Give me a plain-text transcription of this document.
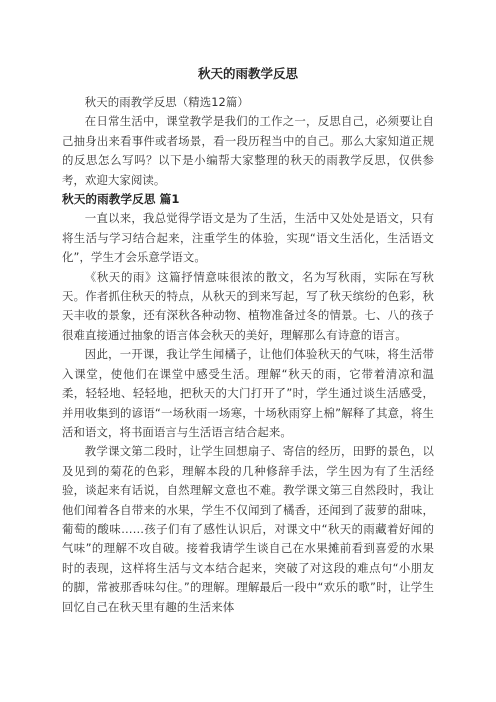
秋天的雨教学反思

秋天的雨教学反思（精选12篇）

在日常生活中，课堂教学是我们的工作之一，反思自己，必须要让自己抽身出来看事件或者场景，看一段历程当中的自己。那么大家知道正规的反思怎么写吗？以下是小编帮大家整理的秋天的雨教学反思，仅供参考，欢迎大家阅读。

秋天的雨教学反思 篇1

一直以来，我总觉得学语文是为了生活，生活中又处处是语文，只有将生活与学习结合起来，注重学生的体验，实现“语文生活化，生活语文化”，学生才会乐意学语文。

《秋天的雨》这篇抒情意味很浓的散文，名为写秋雨，实际在写秋天。作者抓住秋天的特点，从秋天的到来写起，写了秋天缤纷的色彩，秋天丰收的景象，还有深秋各种动物、植物准备过冬的情景。七、八的孩子很难直接通过抽象的语言体会秋天的美好，理解那么有诗意的语言。

因此，一开课，我让学生闻橘子，让他们体验秋天的气味，将生活带入课堂，使他们在课堂中感受生活。理解“秋天的雨，它带着清凉和温柔，轻轻地、轻轻地，把秋天的大门打开了”时，学生通过谈生活感受，并用收集到的谚语“一场秋雨一场寒，十场秋雨穿上棉”解释了其意，将生活和语文，将书面语言与生活语言结合起来。

教学课文第二段时，让学生回想扇子、寄信的经历，田野的景色，以及见到的菊花的色彩，理解本段的几种修辞手法，学生因为有了生活经验，谈起来有话说，自然理解文意也不难。教学课文第三自然段时，我让他们闻着各自带来的水果，学生不仅闻到了橘香，还闻到了菠萝的甜味，葡萄的酸味……孩子们有了感性认识后，对课文中“秋天的雨藏着好闻的气味”的理解不攻自破。接着我请学生谈自己在水果摊前看到喜爱的水果时的表现，这样将生活与文本结合起来，突破了对这段的难点句“小朋友的脚，常被那香味勾住。”的理解。理解最后一段中“欢乐的歌”时，让学生回忆自己在秋天里有趣的生活来体
